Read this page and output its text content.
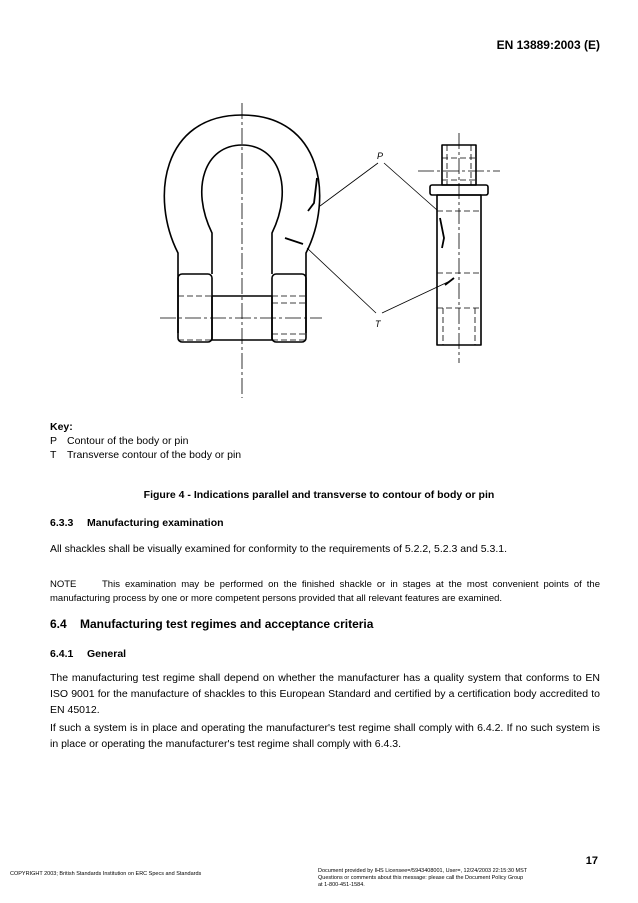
EN 13889:2003 (E)
P
T
Key:
P Contour of the body or pin
T	Transverse contour of the body or pin
Figure 4 - Indications parallel and transverse to contour of body or pin
6.3.3 Manufacturing examination
All shackles shall be visually examined for conformity to the requirements of 5.2.2, 5.2.3 and 5.3.1.
NOTE	This examination may be performed on the finished shackle or in stages at the most convenient points of the manufacturing process by one or more competent persons provided that all relevant features are examined.
6.4 Manufacturing test regimes and acceptance criteria
6.4.1 General
The manufacturing test regime shall depend on whether the manufacturer has a quality system that conforms to EN ISO 9001 for the manufacture of shackles to this European Standard and certified by a certification body accredited to EN 45012.
If such a system is in place and operating the manufacturer's test regime shall comply with 6.4.2. If no such system is in place or operating the manufacturer's test regime shall comply with 6.4.3.
17
COPYRIGHT 2003; British Standards Institution on ERC Specs and Standards	Document provided by IHS Licensee=/5943408001, User=, 12/24/2003 22:15:30 MST
Questions or comments about this message: please call the Document Policy Group
at 1-800-451-1584.
